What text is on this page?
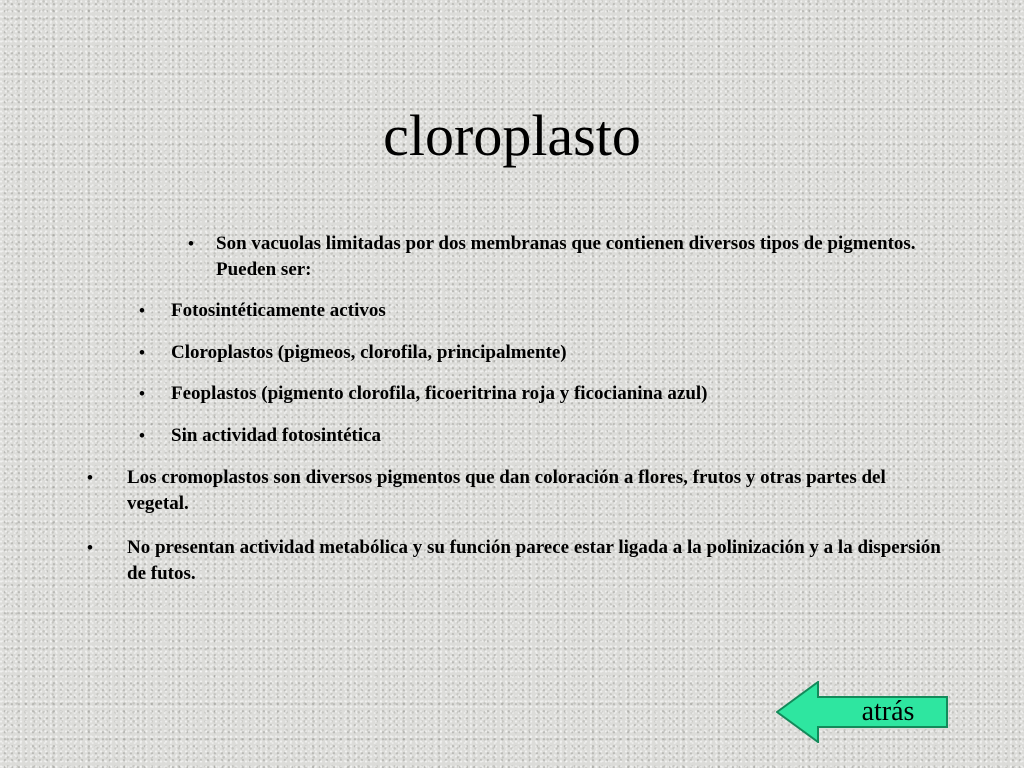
cloroplasto
• Son vacuolas limitadas por dos membranas que contienen diversos tipos de pigmentos. Pueden ser:
• Fotosintéticamente activos
• Cloroplastos (pigmeos, clorofila, principalmente)
• Feoplastos (pigmento clorofila, ficoeritrina roja y ficocianina azul)
• Sin actividad fotosintética
• Los cromoplastos son diversos pigmentos que dan coloración a flores, frutos y otras partes del vegetal.
• No presentan actividad metabólica y su función parece estar ligada a la polinización y a la dispersión de futos.
atrás
